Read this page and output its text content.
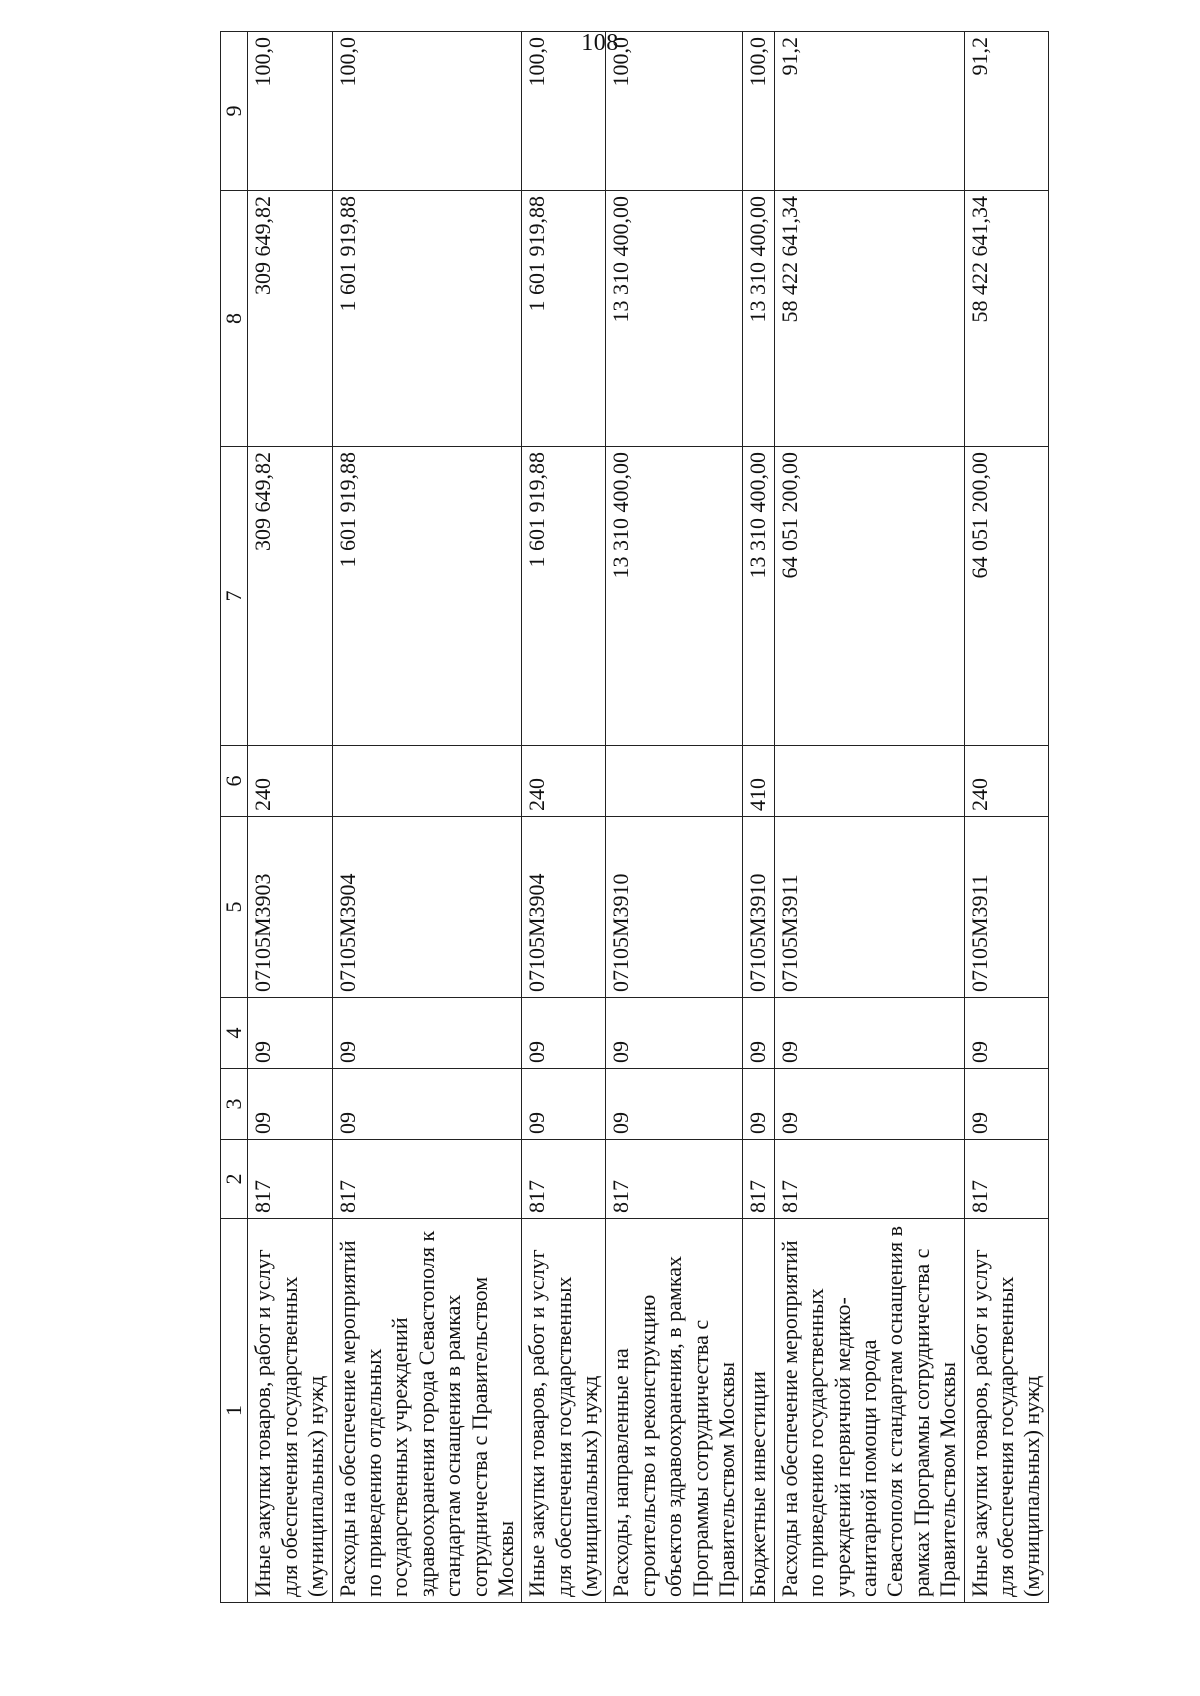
108
1	2	3	4	5	6	7	8	9
Иные закупки товаров, работ и услуг для обеспечения государственных (муниципальных) нужд	817	09	09	07105М3903	240	309 649,82	309 649,82	100,0
Расходы на обеспечение мероприятий по приведению отдельных государственных учреждений здравоохранения города Севастополя к стандартам оснащения в рамках сотрудничества с Правительством Москвы	817	09	09	07105М3904		1 601 919,88	1 601 919,88	100,0
Иные закупки товаров, работ и услуг для обеспечения государственных (муниципальных) нужд	817	09	09	07105М3904	240	1 601 919,88	1 601 919,88	100,0
Расходы, направленные на строительство и реконструкцию объектов здравоохранения, в рамках Программы сотрудничества с Правительством Москвы	817	09	09	07105М3910		13 310 400,00	13 310 400,00	100,0
Бюджетные инвестиции	817	09	09	07105М3910	410	13 310 400,00	13 310 400,00	100,0
Расходы на обеспечение мероприятий по приведению государственных учреждений первичной медико-санитарной помощи города Севастополя к стандартам оснащения в рамках Программы сотрудничества с Правительством Москвы	817	09	09	07105М3911		64 051 200,00	58 422 641,34	91,2
Иные закупки товаров, работ и услуг для обеспечения государственных (муниципальных) нужд	817	09	09	07105М3911	240	64 051 200,00	58 422 641,34	91,2
